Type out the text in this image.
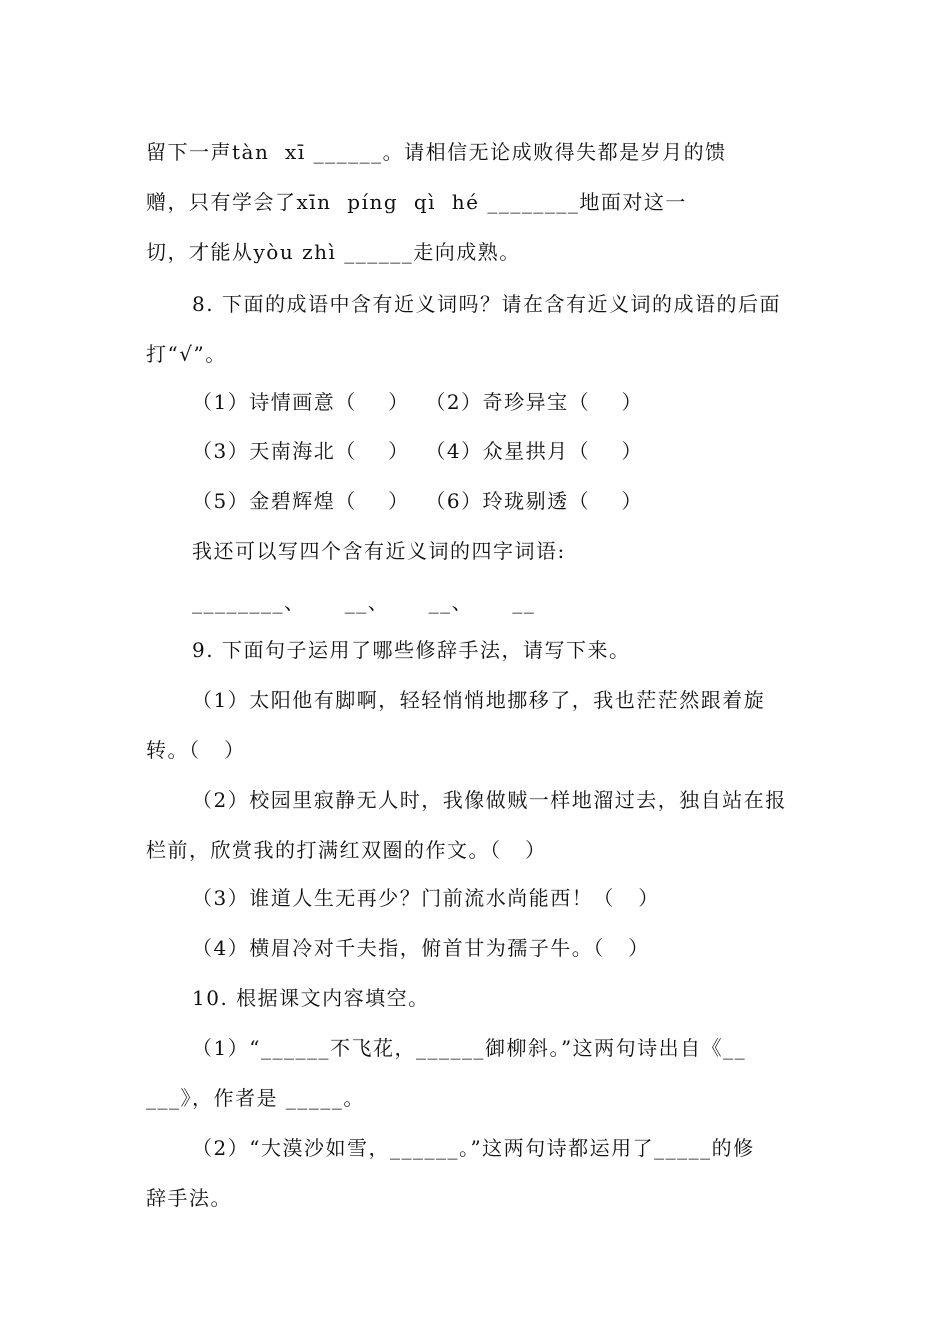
留下一声tàn  xī ______。请相信无论成败得失都是岁月的馈
赠，只有学会了xīn  píng  qì  hé ________地面对这一
切，才能从yòu zhì ______走向成熟。
8. 下面的成语中含有近义词吗？请在含有近义词的成语的后面
打“√”。
（1）诗情画意（    ）  （2）奇珍异宝（    ）
（3）天南海北（    ）  （4）众星拱月（    ）
（5）金碧辉煌（    ）  （6）玲珑剔透（    ）
我还可以写四个含有近义词的四字词语:
________、     __、     __、     __
9. 下面句子运用了哪些修辞手法，请写下来。
（1）太阳他有脚啊，轻轻悄悄地挪移了，我也茫茫然跟着旋
转。（   ）
（2）校园里寂静无人时，我像做贼一样地溜过去，独自站在报
栏前，欣赏我的打满红双圈的作文。（   ）
（3）谁道人生无再少？门前流水尚能西！（   ）
（4）横眉冷对千夫指，俯首甘为孺子牛。（   ）
10. 根据课文内容填空。
（1）“______不飞花，______御柳斜。”这两句诗出自《__
___》，作者是 _____。
（2）“大漠沙如雪，______。”这两句诗都运用了_____的修
辞手法。
